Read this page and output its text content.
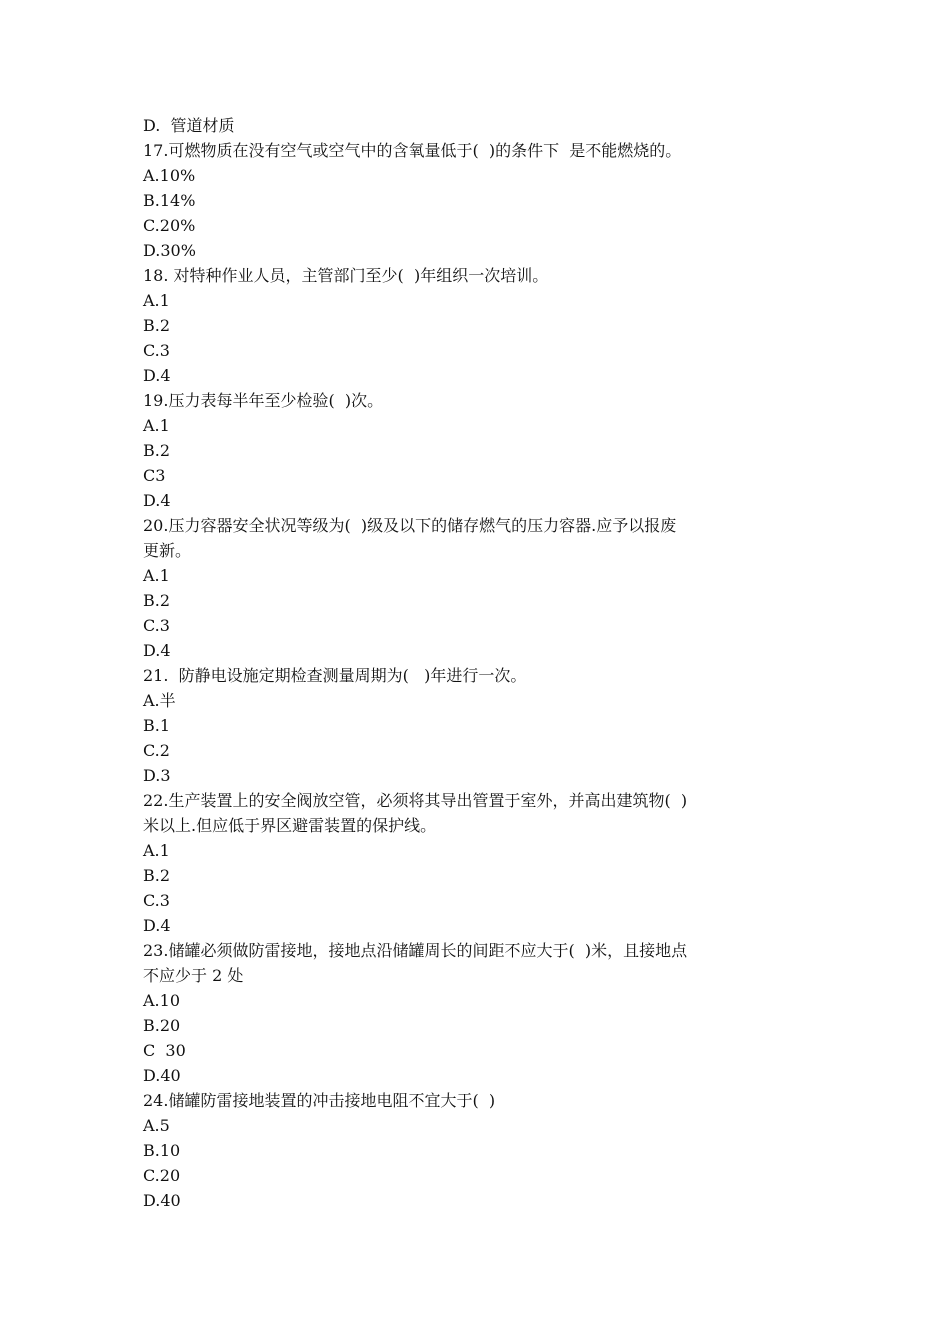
D.  管道材质
17.可燃物质在没有空气或空气中的含氧量低于(  )的条件下  是不能燃烧的。
A.10%
B.14%
C.20%
D.30%
18. 对特种作业人员，主管部门至少(  )年组织一次培训。
A.1
B.2
C.3
D.4
19.压力表每半年至少检验(  )次。
A.1
B.2
C3
D.4
20.压力容器安全状况等级为(  )级及以下的储存燃气的压力容器.应予以报废
更新。
A.1
B.2
C.3
D.4
21.  防静电设施定期检查测量周期为(   )年进行一次。
A.半
B.1
C.2
D.3
22.生产装置上的安全阀放空管，必须将其导出管置于室外，并高出建筑物(  )
米以上.但应低于界区避雷装置的保护线。
A.1
B.2
C.3
D.4
23.储罐必须做防雷接地，接地点沿储罐周长的间距不应大于(  )米，且接地点
不应少于 2 处
A.10
B.20
C  30
D.40
24.储罐防雷接地装置的冲击接地电阻不宜大于(  )
A.5
B.10
C.20
D.40
